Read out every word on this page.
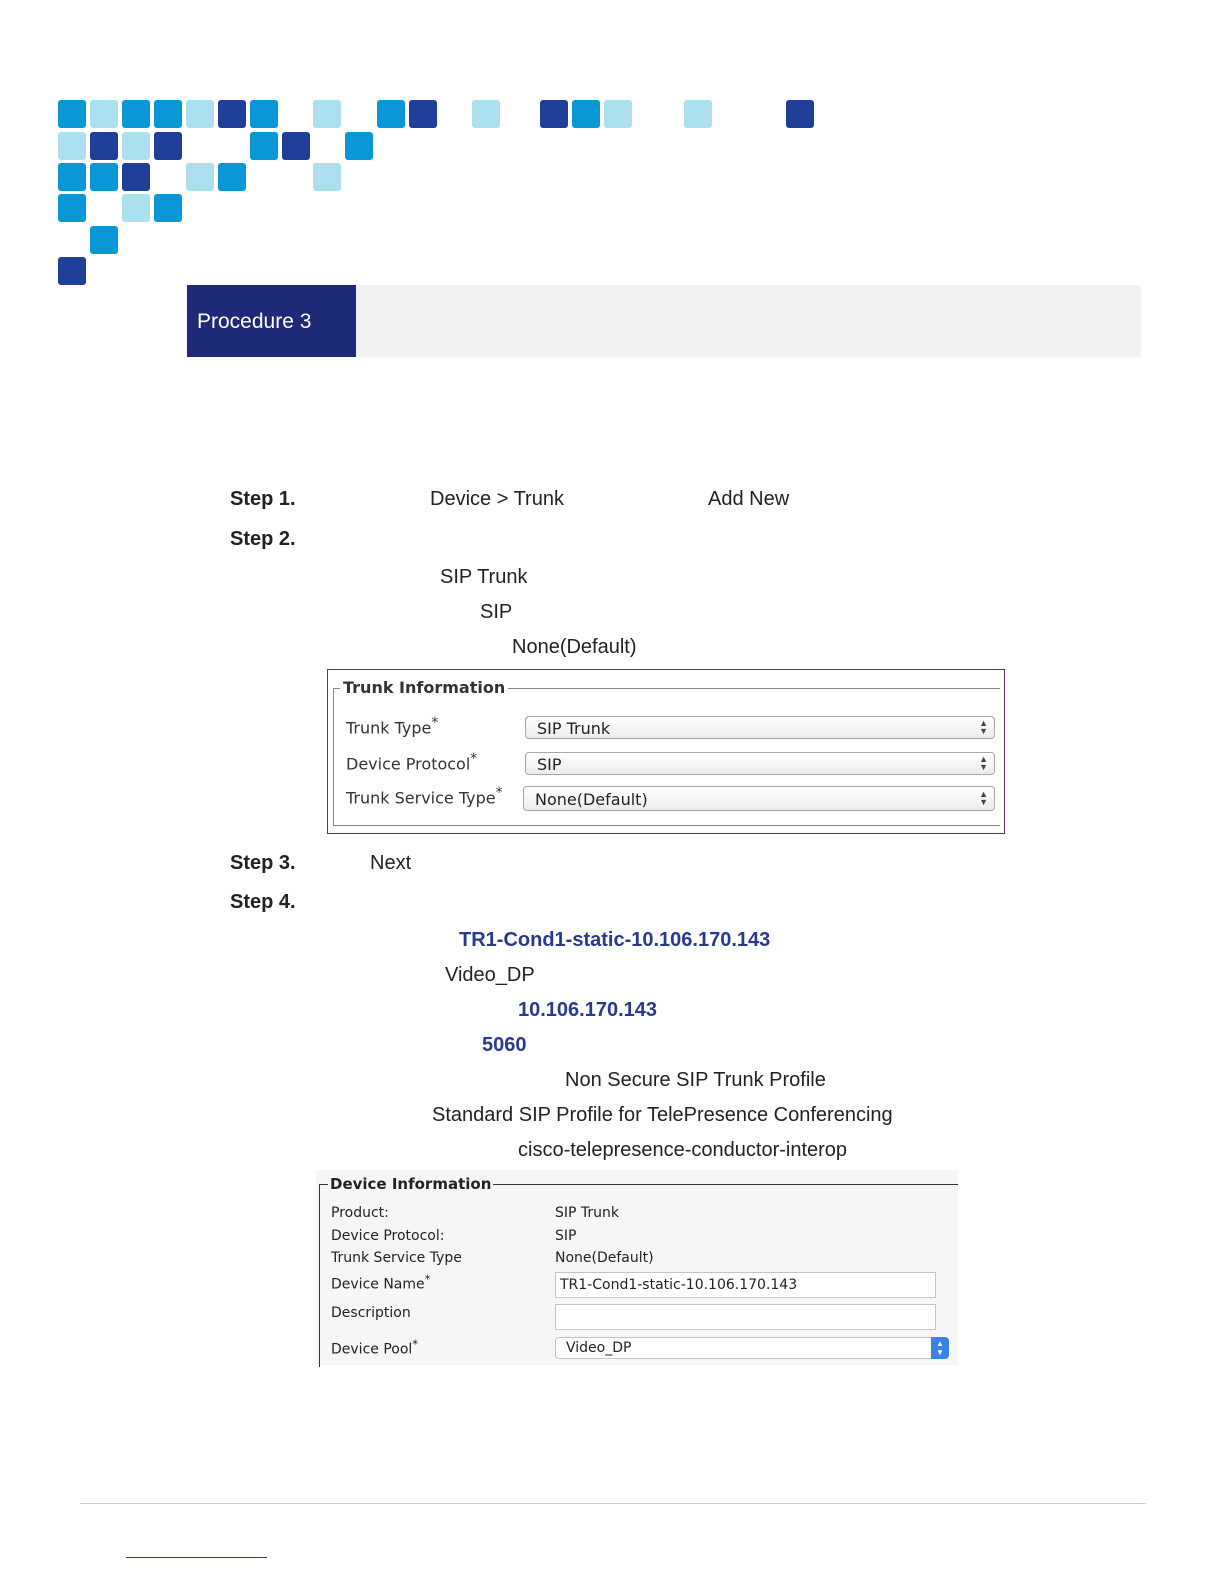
Procedure 3
Step 1.	Device > Trunk	Add New
Step 2.
SIP Trunk
SIP
None(Default)
Trunk Information
Trunk Type*	SIP Trunk	▲
▼
Device Protocol*	SIP	▲
▼
Trunk Service Type* None(Default)	▲
▼
Step 3.	Next
Step 4.
TR1-Cond1-static-10.106.170.143
Video_DP
10.106.170.143
5060
Non Secure SIP Trunk Profile
Standard SIP Profile for TelePresence Conferencing
cisco-telepresence-conductor-interop
Device Information
Product:	SIP Trunk
Device Protocol:	SIP
Trunk Service Type	None(Default)
Device Name*	TR1-Cond1-static-10.106.170.143
Description
Device Pool*	Video_DP	▲
▼
